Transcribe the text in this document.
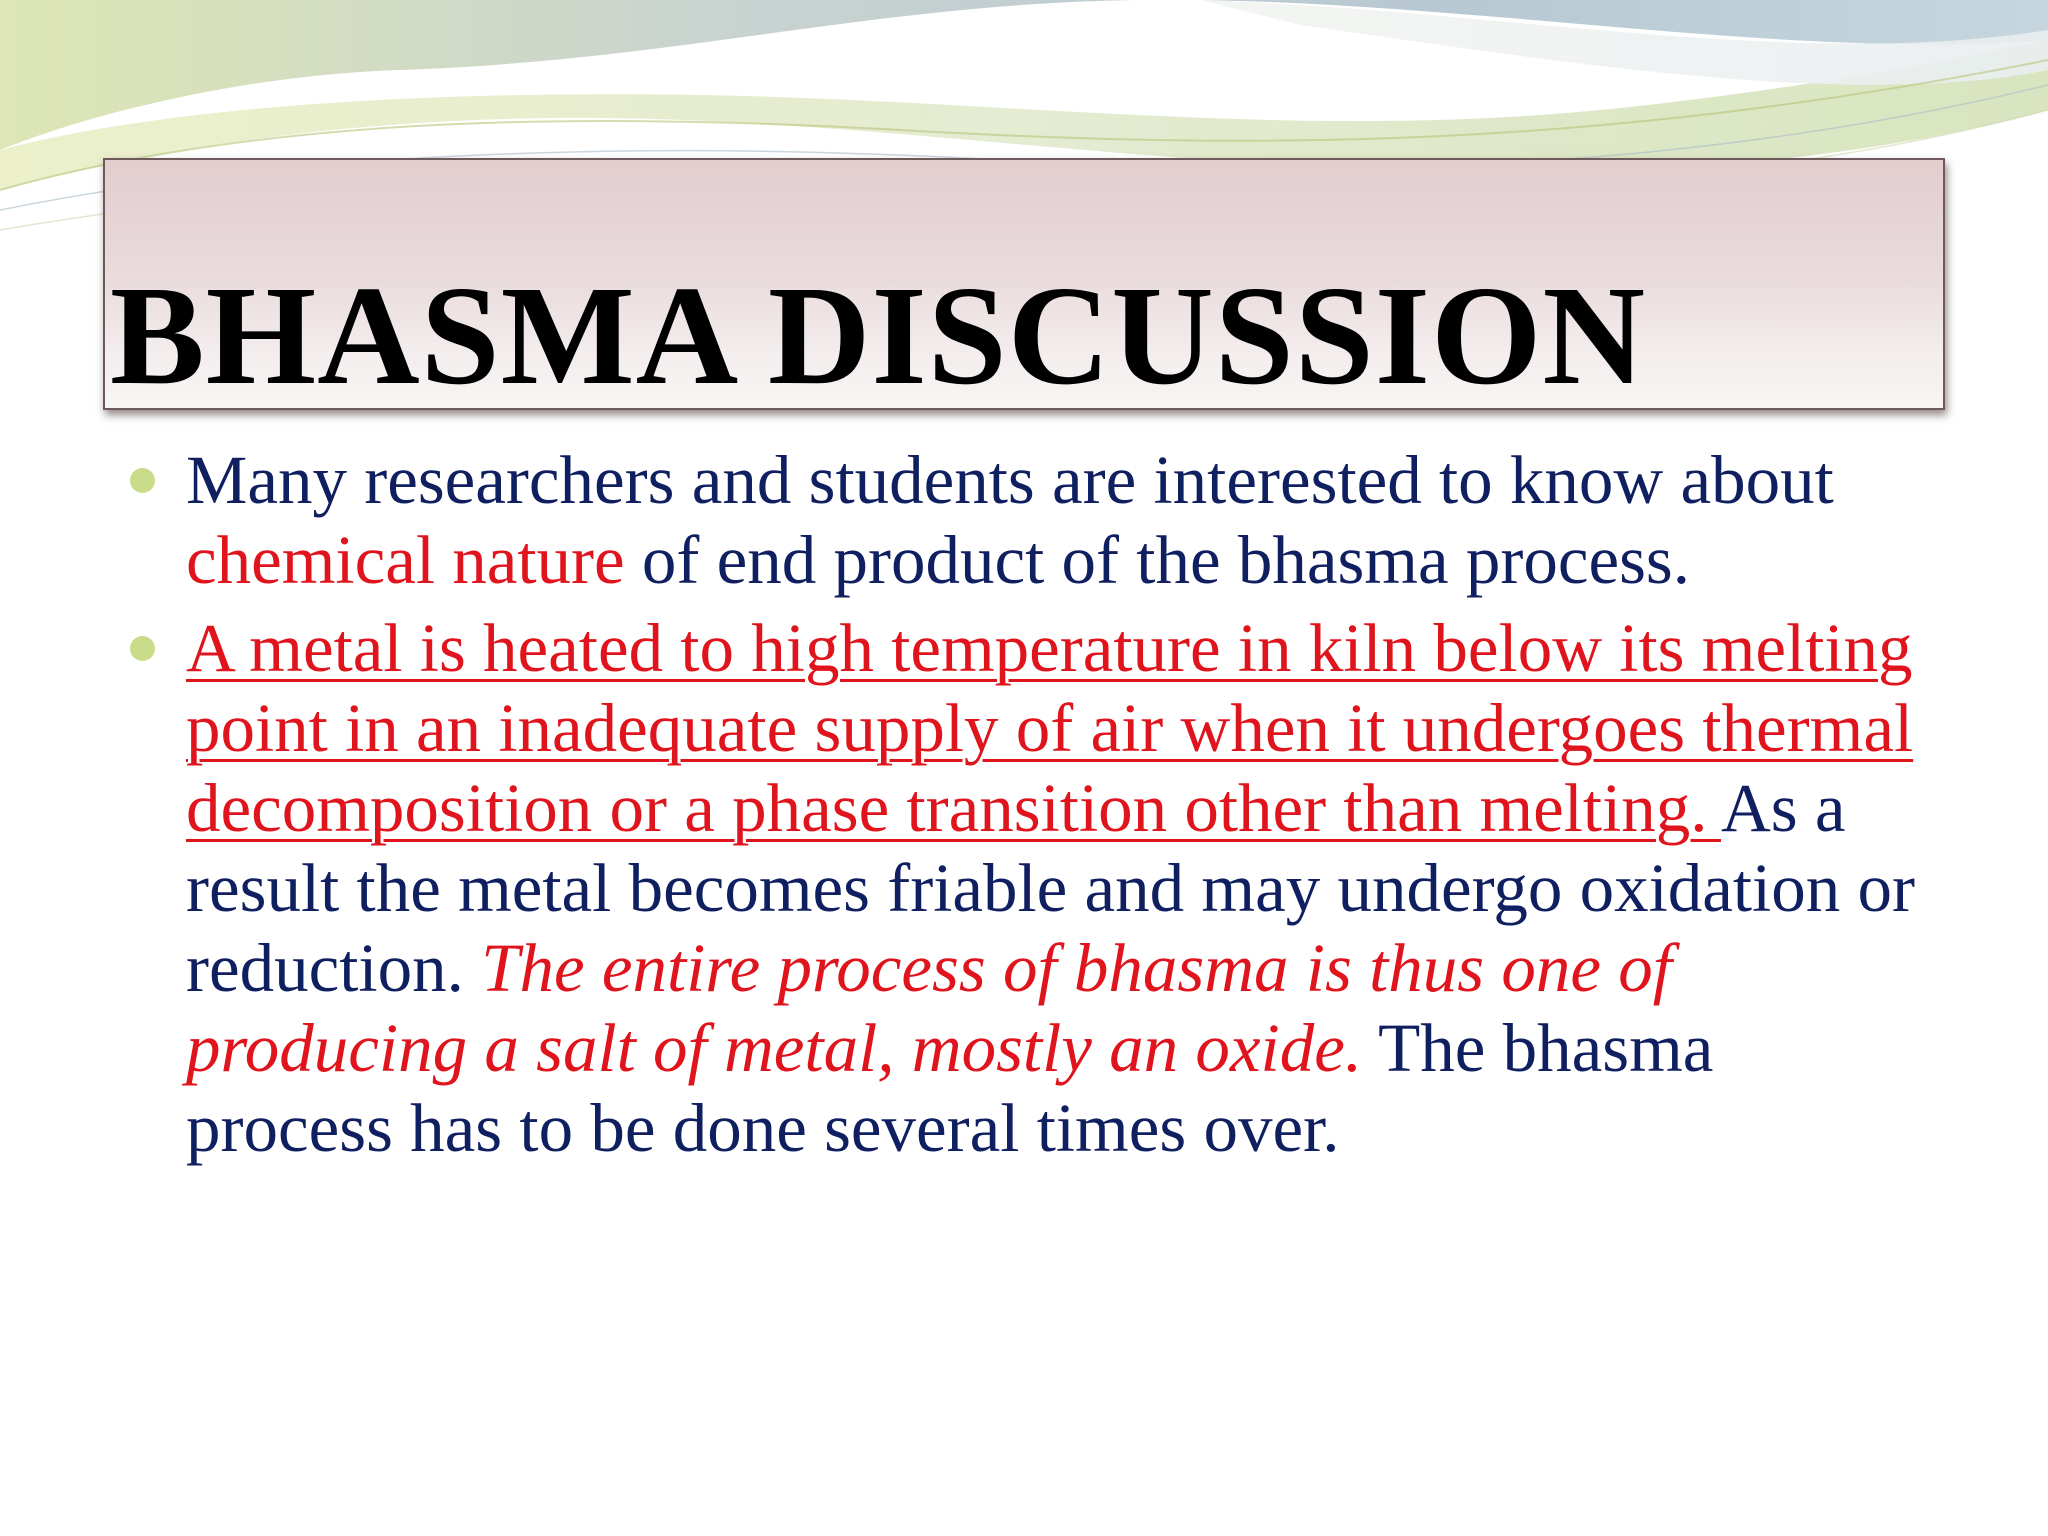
BHASMA DISCUSSION
Many researchers and students are interested to know about chemical nature of end product of the bhasma process.
A metal is heated to high temperature in kiln below its melting point in an inadequate supply of air when it undergoes thermal decomposition or a phase transition other than melting. As a result the metal becomes friable and may undergo oxidation or reduction. The entire process of bhasma is thus one of producing a salt of metal, mostly an oxide. The bhasma process has to be done several times over.
